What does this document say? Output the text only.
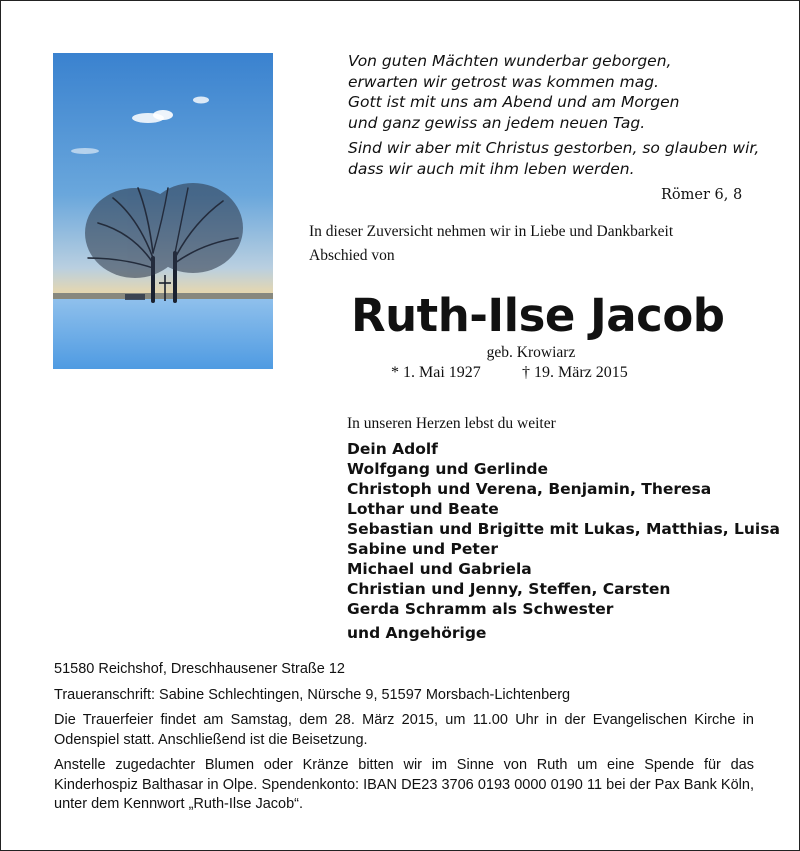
Von guten Mächten wunderbar geborgen,
erwarten wir getrost was kommen mag.
Gott ist mit uns am Abend und am Morgen
und ganz gewiss an jedem neuen Tag.
Sind wir aber mit Christus gestorben, so glauben wir,
dass wir auch mit ihm leben werden.
Römer 6, 8
In dieser Zuversicht nehmen wir in Liebe und Dankbarkeit
Abschied von
Ruth-Ilse Jacob
geb. Krowiarz
* 1. Mai 1927	† 19. März 2015
In unseren Herzen lebst du weiter
Dein Adolf
Wolfgang und Gerlinde
Christoph und Verena, Benjamin, Theresa
Lothar und Beate
Sebastian und Brigitte mit Lukas, Matthias, Luisa
Sabine und Peter
Michael und Gabriela
Christian und Jenny, Steffen, Carsten
Gerda Schramm als Schwester
und Angehörige

51580 Reichshof, Dreschhausener Straße 12

Traueranschrift: Sabine Schlechtingen, Nürsche 9, 51597 Morsbach-Lichtenberg

Die Trauerfeier findet am Samstag, dem 28. März 2015, um 11.00 Uhr in der Evangelischen Kirche in Odenspiel statt. Anschließend ist die Beisetzung.

Anstelle zugedachter Blumen oder Kränze bitten wir im Sinne von Ruth um eine Spende für das Kinderhospiz Balthasar in Olpe. Spendenkonto: IBAN DE23 3706 0193 0000 0190 11 bei der Pax Bank Köln, unter dem Kennwort „Ruth-Ilse Jacob“.
